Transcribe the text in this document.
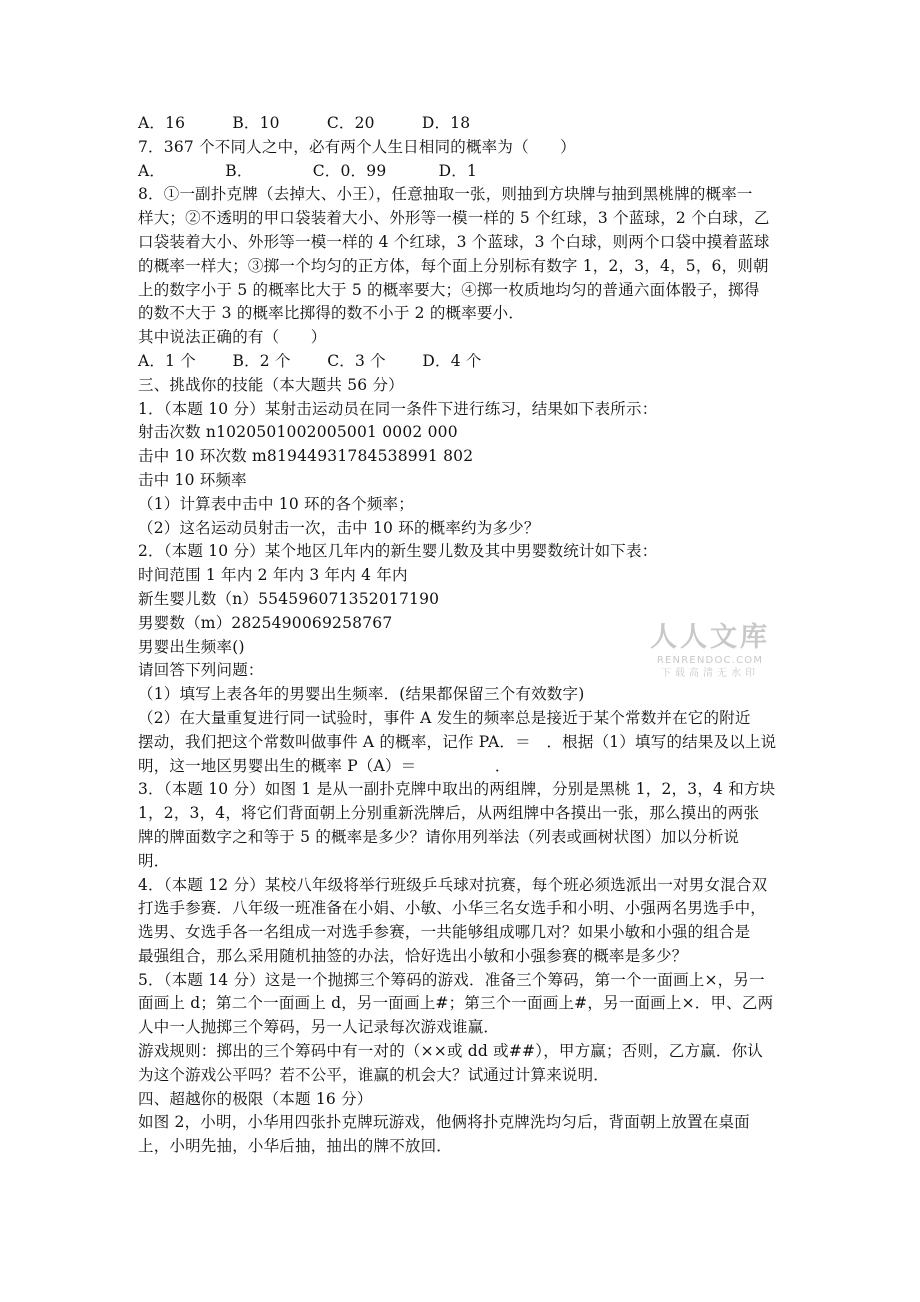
A．16　　　B．10　　　C．20　　　D．18
7．367 个不同人之中，必有两个人生日相同的概率为（　　）
A．　　　　 B．　　　　 C．0．99　　　 D．1
8．①一副扑克牌（去掉大、小王），任意抽取一张，则抽到方块牌与抽到黑桃牌的概率一
样大；②不透明的甲口袋装着大小、外形等一模一样的 5 个红球，3 个蓝球，2 个白球，乙
口袋装着大小、外形等一模一样的 4 个红球，3 个蓝球，3 个白球，则两个口袋中摸着蓝球
的概率一样大；③掷一个均匀的正方体，每个面上分别标有数字 1，2，3，4，5，6，则朝
上的数字小于 5 的概率比大于 5 的概率要大；④掷一枚质地均匀的普通六面体骰子，掷得
的数不大于 3 的概率比掷得的数不小于 2 的概率要小．
其中说法正确的有（　　）
A．1 个　　 B．2 个　　 C．3 个　　 D．4 个
三、挑战你的技能（本大题共 56 分）
1．（本题 10 分）某射击运动员在同一条件下进行练习，结果如下表所示：
射击次数 n1020501002005001 0002 000
击中 10 环次数 m81944931784538991 802
击中 10 环频率
（1）计算表中击中 10 环的各个频率；
（2）这名运动员射击一次，击中 10 环的概率约为多少？
2．（本题 10 分）某个地区几年内的新生婴儿数及其中男婴数统计如下表：
时间范围 1 年内 2 年内 3 年内 4 年内
新生婴儿数（n）554596071352017190
男婴数（m）2825490069258767
男婴出生频率()
请回答下列问题：
（1）填写上表各年的男婴出生频率．(结果都保留三个有效数字)
（2）在大量重复进行同一试验时，事件 A 发生的频率总是接近于某个常数并在它的附近
摆动，我们把这个常数叫做事件 A 的概率，记作 PA．＝　．根据（1）填写的结果及以上说
明，这一地区男婴出生的概率 P（A）＝　　　　　．
3．（本题 10 分）如图 1 是从一副扑克牌中取出的两组牌，分别是黑桃 1，2，3，4 和方块
1，2，3，4，将它们背面朝上分别重新洗牌后，从两组牌中各摸出一张，那么摸出的两张
牌的牌面数字之和等于 5 的概率是多少？请你用列举法（列表或画树状图）加以分析说
明．
4．（本题 12 分）某校八年级将举行班级乒乓球对抗赛，每个班必须选派出一对男女混合双
打选手参赛．八年级一班准备在小娟、小敏、小华三名女选手和小明、小强两名男选手中，
选男、女选手各一名组成一对选手参赛，一共能够组成哪几对？如果小敏和小强的组合是
最强组合，那么采用随机抽签的办法，恰好选出小敏和小强参赛的概率是多少？
5．（本题 14 分）这是一个抛掷三个筹码的游戏．准备三个筹码，第一个一面画上×，另一
面画上 d；第二个一面画上 d，另一面画上#；第三个一面画上#，另一面画上×．甲、乙两
人中一人抛掷三个筹码，另一人记录每次游戏谁赢．
游戏规则：掷出的三个筹码中有一对的（××或 dd 或##），甲方赢；否则，乙方赢．你认
为这个游戏公平吗？若不公平，谁赢的机会大？试通过计算来说明．
四、超越你的极限（本题 16 分）
如图 2，小明，小华用四张扑克牌玩游戏，他俩将扑克牌洗均匀后，背面朝上放置在桌面
上，小明先抽，小华后抽，抽出的牌不放回．
人人文库
RENRENDOC.COM
下载高清无水印
